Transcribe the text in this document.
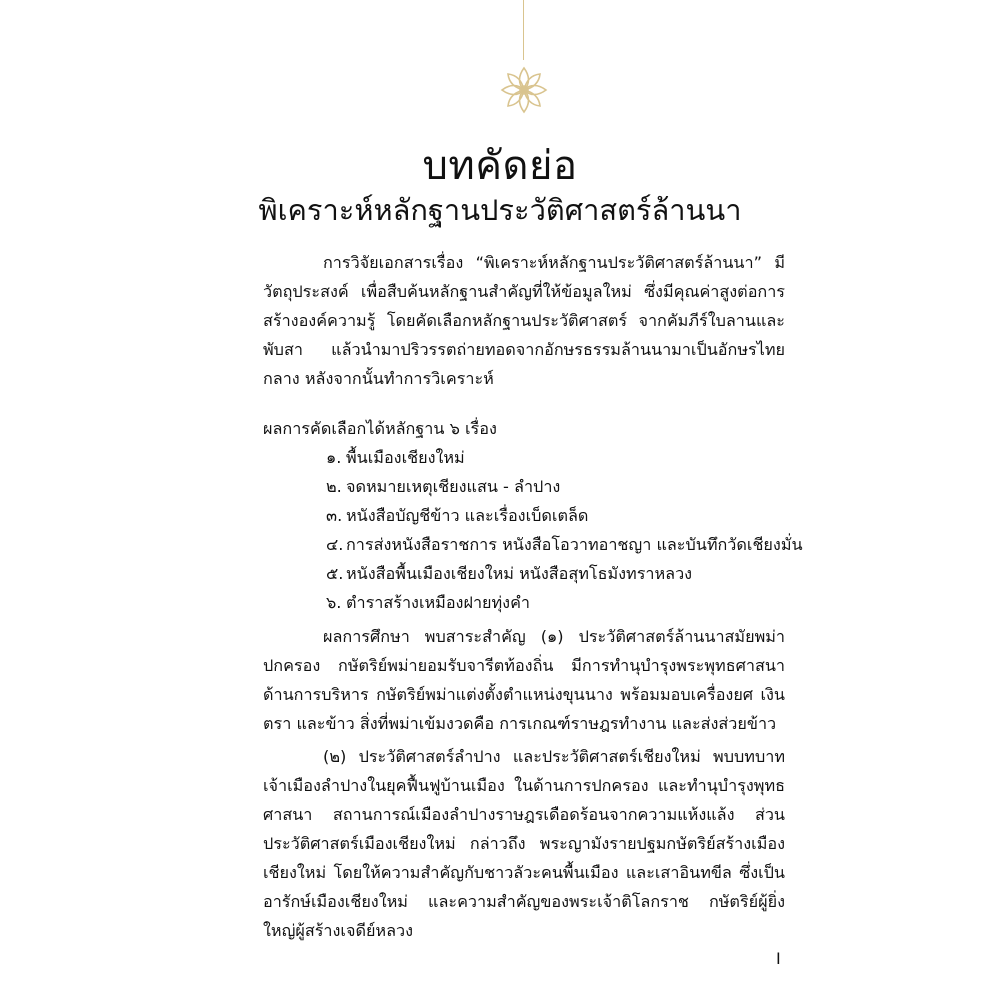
บทคัดย่อ
พิเคราะห์หลักฐานประวัติศาสตร์ล้านนา
การวิจัยเอกสารเรื่อง “พิเคราะห์หลักฐานประวัติศาสตร์ล้านนา” มีวัตถุประสงค์ เพื่อสืบค้นหลักฐานสำคัญที่ให้ข้อมูลใหม่ ซึ่งมีคุณค่าสูงต่อการสร้างองค์ความรู้ โดยคัดเลือกหลักฐานประวัติศาสตร์ จากคัมภีร์ใบลานและพับสา แล้วนำมาปริวรรตถ่ายทอดจากอักษรธรรมล้านนามาเป็นอักษรไทยกลาง หลังจากนั้นทำการวิเคราะห์
ผลการคัดเลือกได้หลักฐาน ๖ เรื่อง
๑. พื้นเมืองเชียงใหม่
๒. จดหมายเหตุเชียงแสน - ลำปาง
๓. หนังสือบัญชีข้าว และเรื่องเบ็ดเตล็ด
๔. การส่งหนังสือราชการ หนังสือโอวาทอาชญา และบันทึกวัดเชียงมั่น
๕. หนังสือพื้นเมืองเชียงใหม่ หนังสือสุทโธมังทราหลวง
๖. ตำราสร้างเหมืองฝายทุ่งคำ
ผลการศึกษา พบสาระสำคัญ (๑) ประวัติศาสตร์ล้านนาสมัยพม่าปกครอง กษัตริย์พม่ายอมรับจารีตท้องถิ่น มีการทำนุบำรุงพระพุทธศาสนา ด้านการบริหาร กษัตริย์พม่าแต่งตั้งตำแหน่งขุนนาง พร้อมมอบเครื่องยศ เงินตรา และข้าว สิ่งที่พม่าเข้มงวดคือ การเกณฑ์ราษฎรทำงาน และส่งส่วยข้าว
(๒) ประวัติศาสตร์ลำปาง และประวัติศาสตร์เชียงใหม่ พบบทบาทเจ้าเมืองลำปางในยุคฟื้นฟูบ้านเมือง ในด้านการปกครอง และทำนุบำรุงพุทธศาสนา สถานการณ์เมืองลำปางราษฎรเดือดร้อนจากความแห้งแล้ง ส่วนประวัติศาสตร์เมืองเชียงใหม่ กล่าวถึง พระญามังรายปฐมกษัตริย์สร้างเมืองเชียงใหม่ โดยให้ความสำคัญกับชาวลัวะคนพื้นเมือง และเสาอินทขีล ซึ่งเป็นอารักษ์เมืองเชียงใหม่ และความสำคัญของพระเจ้าติโลกราช กษัตริย์ผู้ยิ่งใหญ่ผู้สร้างเจดีย์หลวง
I
